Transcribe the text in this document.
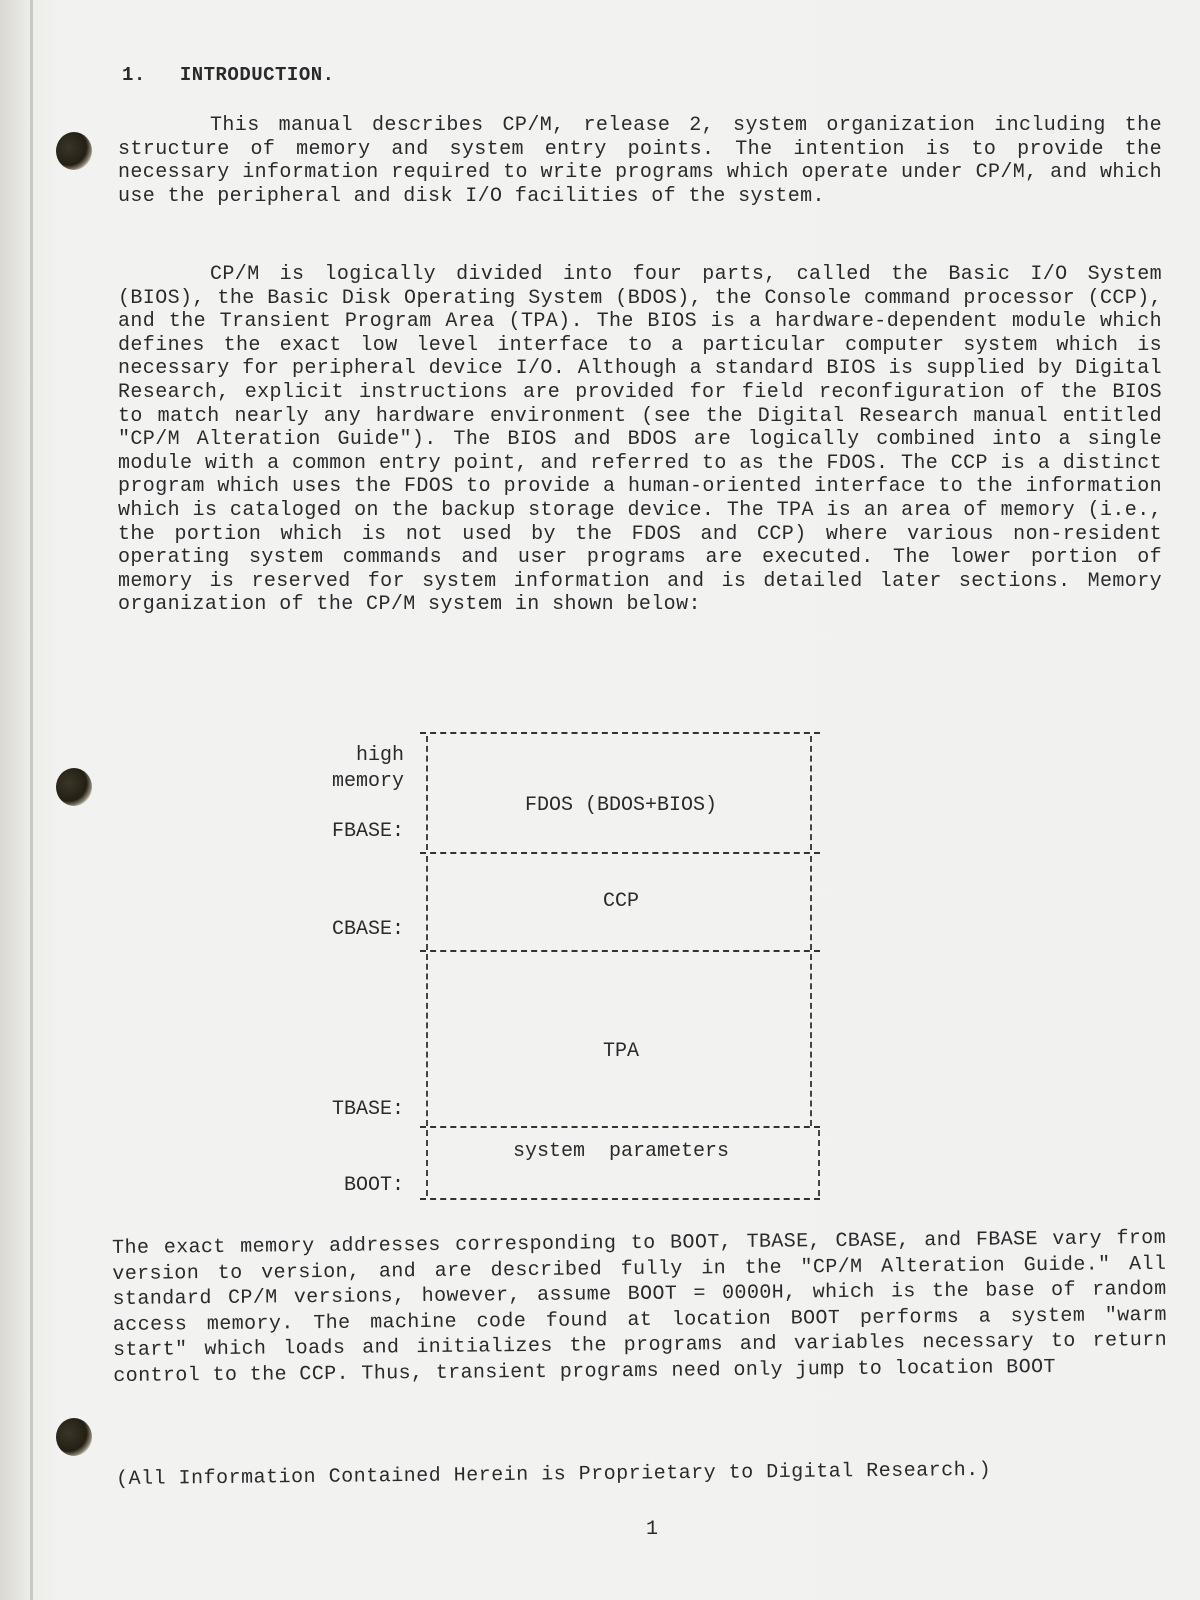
1. INTRODUCTION.

This manual describes CP/M, release 2, system organization including the structure of memory and system entry points. The intention is to provide the necessary information required to write programs which operate under CP/M, and which use the peripheral and disk I/O facilities of the system.

CP/M is logically divided into four parts, called the Basic I/O System (BIOS), the Basic Disk Operating System (BDOS), the Console command processor (CCP), and the Transient Program Area (TPA). The BIOS is a hardware-dependent module which defines the exact low level interface to a particular computer system which is necessary for peripheral device I/O. Although a standard BIOS is supplied by Digital Research, explicit instructions are provided for field reconfiguration of the BIOS to match nearly any hardware environment (see the Digital Research manual entitled "CP/M Alteration Guide"). The BIOS and BDOS are logically combined into a single module with a common entry point, and referred to as the FDOS. The CCP is a distinct program which uses the FDOS to provide a human-oriented interface to the information which is cataloged on the backup storage device. The TPA is an area of memory (i.e., the portion which is not used by the FDOS and CCP) where various non-resident operating system commands and user programs are executed. The lower portion of memory is reserved for system information and is detailed later sections. Memory organization of the CP/M system in shown below:

high
memory
FDOS (BDOS+BIOS)
FBASE:
CCP
CBASE:
TPA
TBASE:
system  parameters
BOOT:

The exact memory addresses corresponding to BOOT, TBASE, CBASE, and FBASE vary from version to version, and are described fully in the "CP/M Alteration Guide." All standard CP/M versions, however, assume BOOT = 0000H, which is the base of random access memory. The machine code found at location BOOT performs a system "warm start" which loads and initializes the programs and variables necessary to return control to the CCP. Thus, transient programs need only jump to location BOOT

(All Information Contained Herein is Proprietary to Digital Research.)
1
